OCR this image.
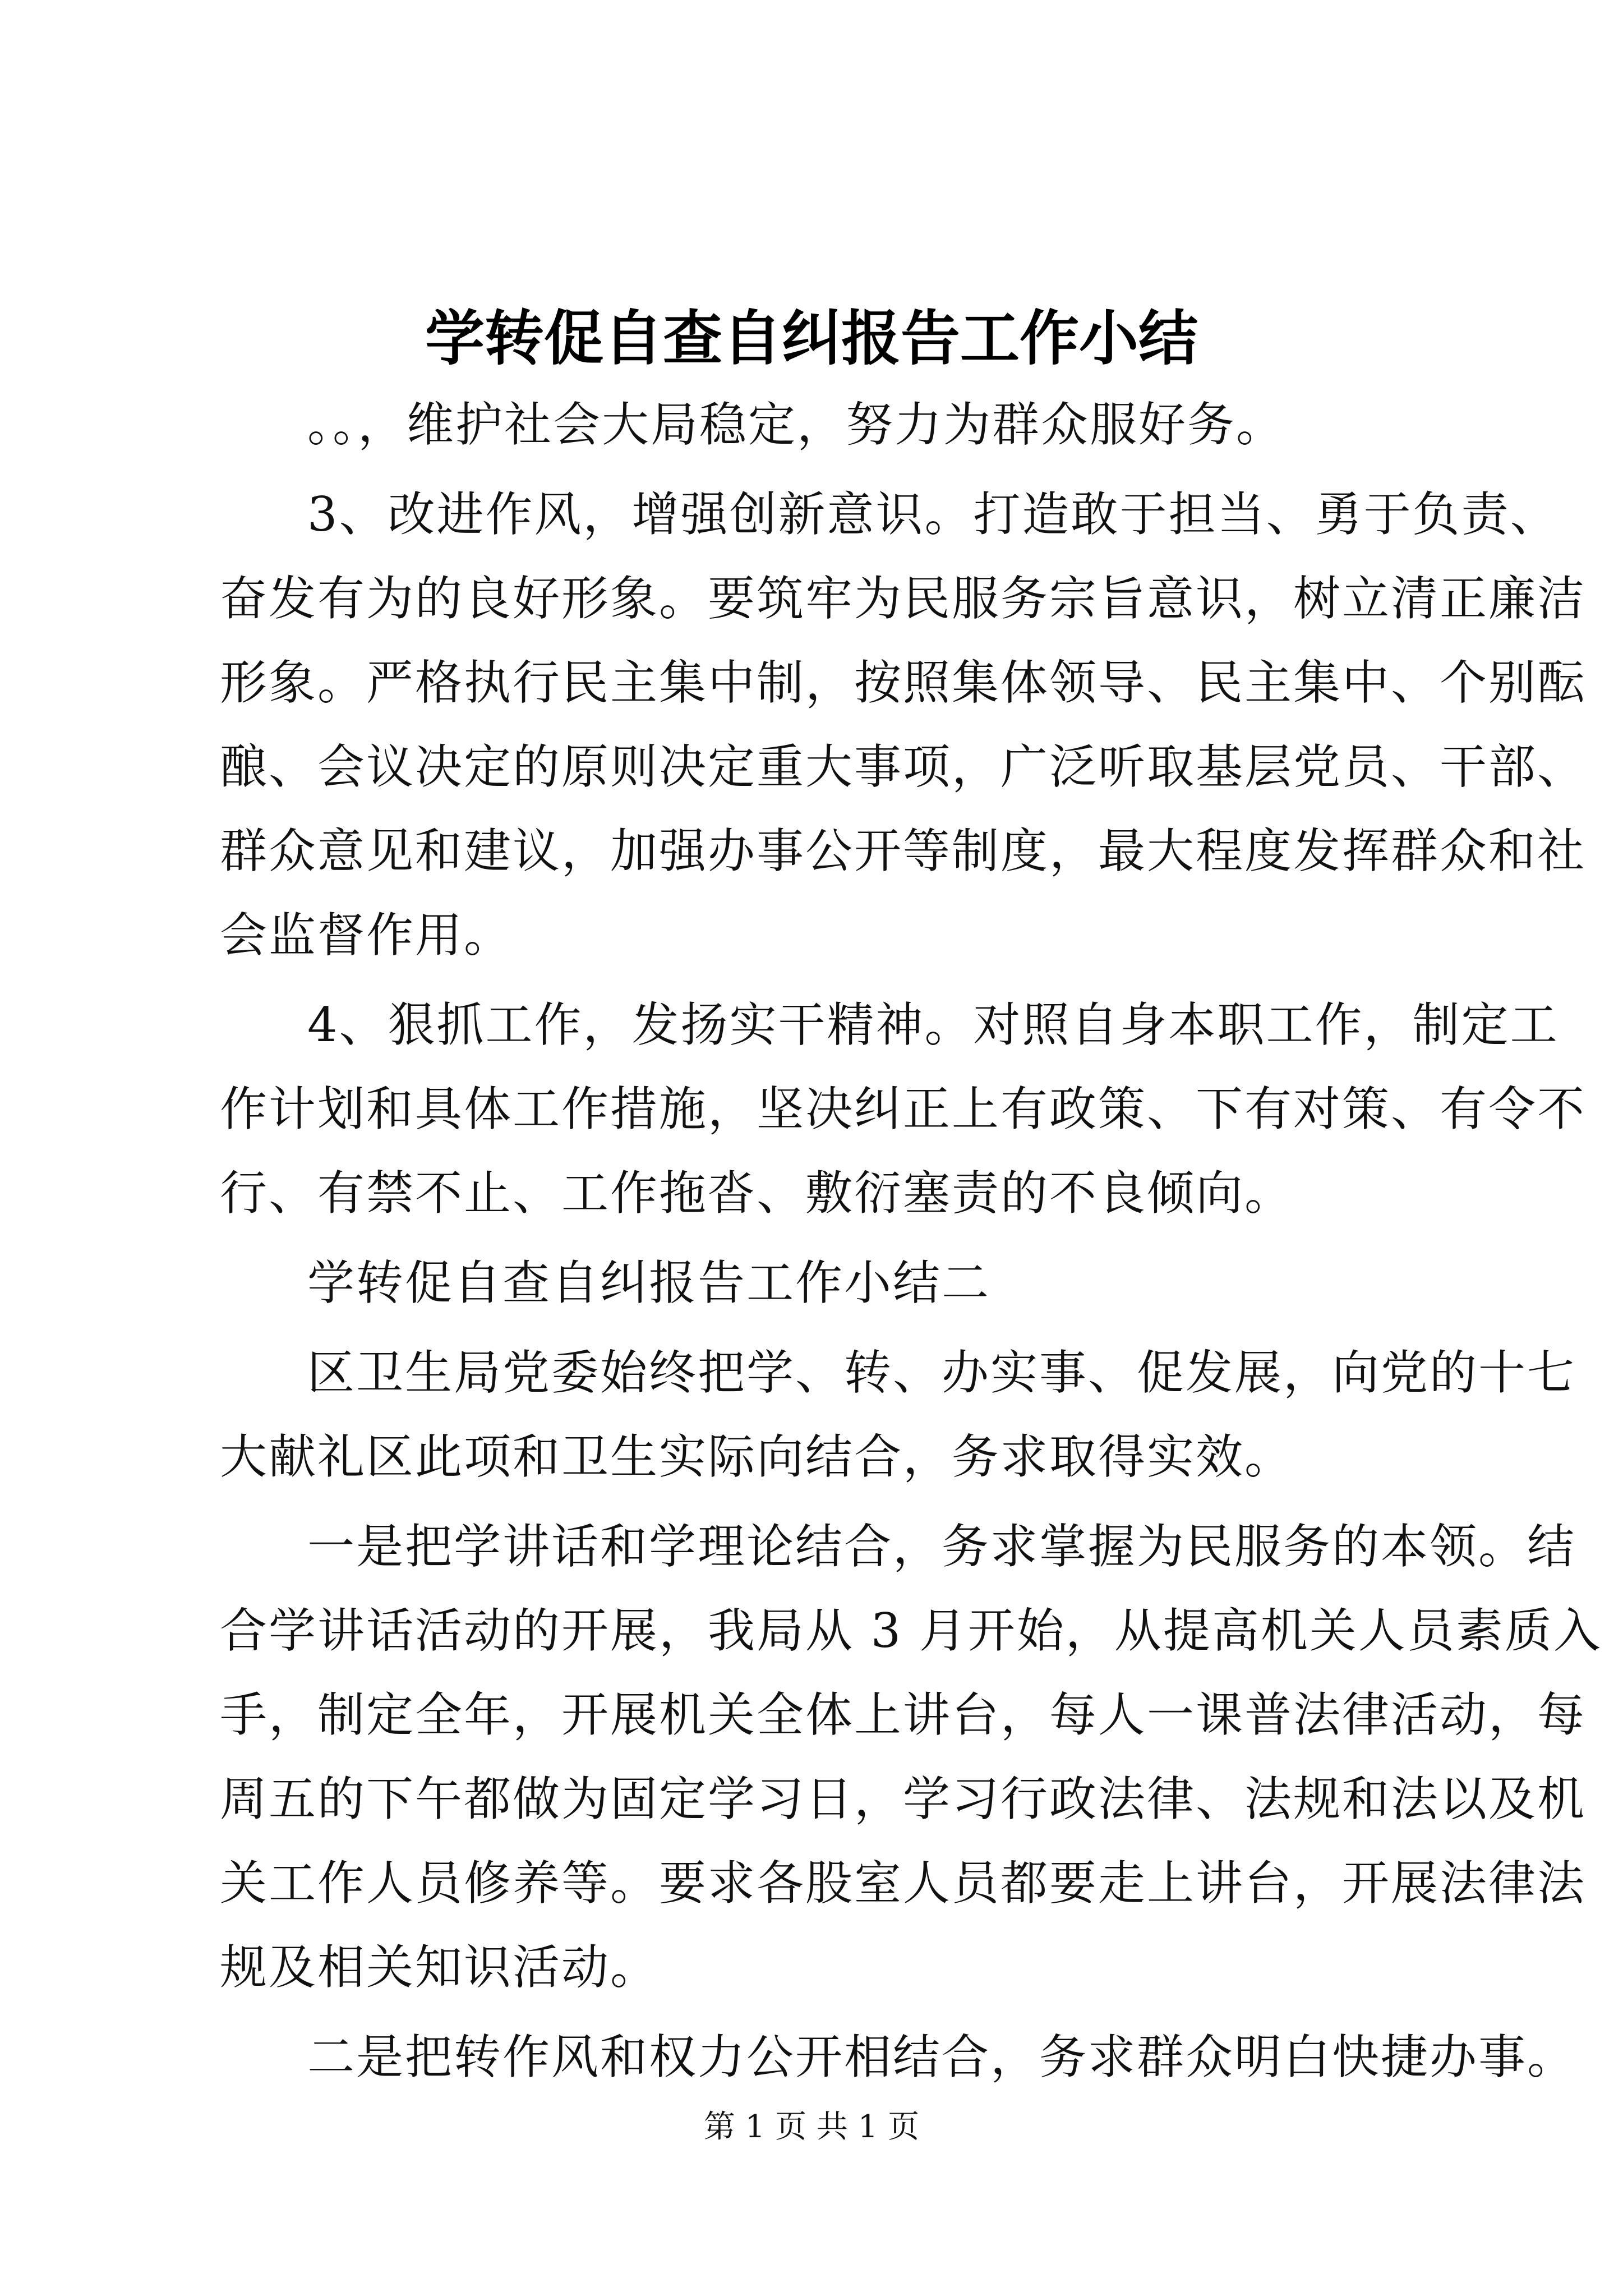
学转促自查自纠报告工作小结

。。，维护社会大局稳定，努力为群众服好务。

3、改进作风，增强创新意识。打造敢于担当、勇于负责、

奋发有为的良好形象。要筑牢为民服务宗旨意识，树立清正廉洁

形象。严格执行民主集中制，按照集体领导、民主集中、个别酝

酿、会议决定的原则决定重大事项，广泛听取基层党员、干部、

群众意见和建议，加强办事公开等制度，最大程度发挥群众和社

会监督作用。

4、狠抓工作，发扬实干精神。对照自身本职工作，制定工

作计划和具体工作措施，坚决纠正上有政策、下有对策、有令不

行、有禁不止、工作拖沓、敷衍塞责的不良倾向。

学转促自查自纠报告工作小结二

区卫生局党委始终把学、转、办实事、促发展，向党的十七

大献礼区此项和卫生实际向结合，务求取得实效。

一是把学讲话和学理论结合，务求掌握为民服务的本领。结

合学讲话活动的开展，我局从 3 月开始，从提高机关人员素质入

手，制定全年，开展机关全体上讲台，每人一课普法律活动，每

周五的下午都做为固定学习日，学习行政法律、法规和法以及机

关工作人员修养等。要求各股室人员都要走上讲台，开展法律法

规及相关知识活动。

二是把转作风和权力公开相结合，务求群众明白快捷办事。

第 1 页 共 1 页
